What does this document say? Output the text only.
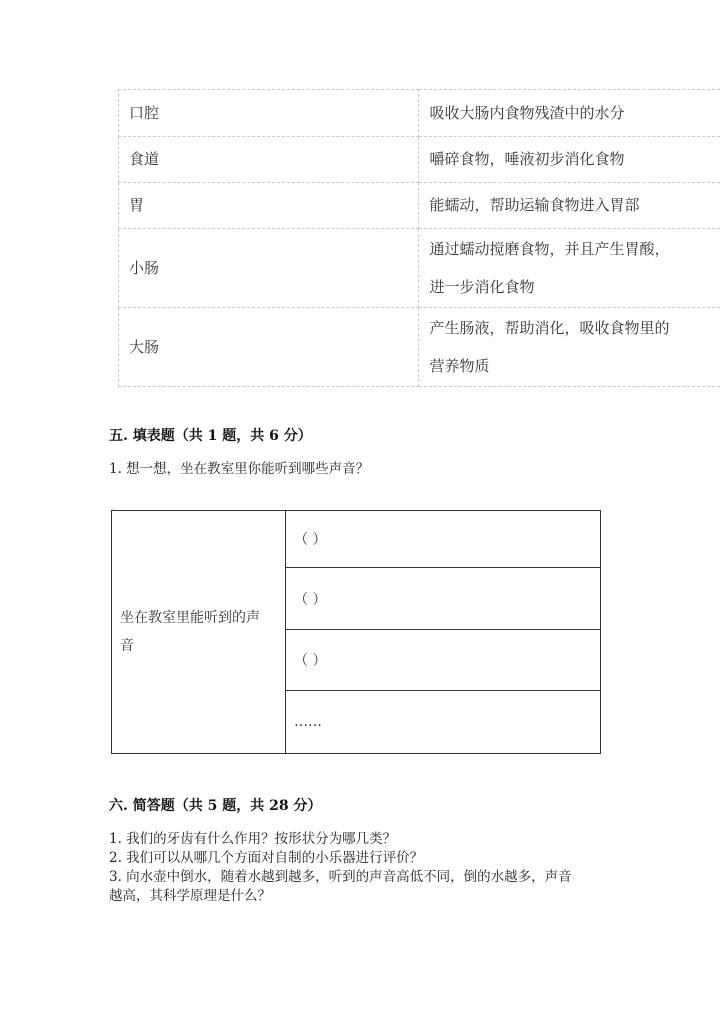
口腔	吸收大肠内食物残渣中的水分
食道	嚼碎食物，唾液初步消化食物
胃	能蠕动，帮助运输食物进入胃部
小肠	通过蠕动搅磨食物，并且产生胃酸，
进一步消化食物

大肠	产生肠液，帮助消化，吸收食物里的
营养物质
五. 填表题（共 1 题，共 6 分）
1. 想一想，坐在教室里你能听到哪些声音？
·
坐在教室里能听到的声
音
	（ ）
（ ）
（ ）
……
六. 简答题（共 5 题，共 28 分）
1. 我们的牙齿有什么作用？按形状分为哪几类？
2. 我们可以从哪几个方面对自制的小乐器进行评价？
3. 向水壶中倒水，随着水越到越多，听到的声音高低不同，倒的水越多，声音
越高，其科学原理是什么？
